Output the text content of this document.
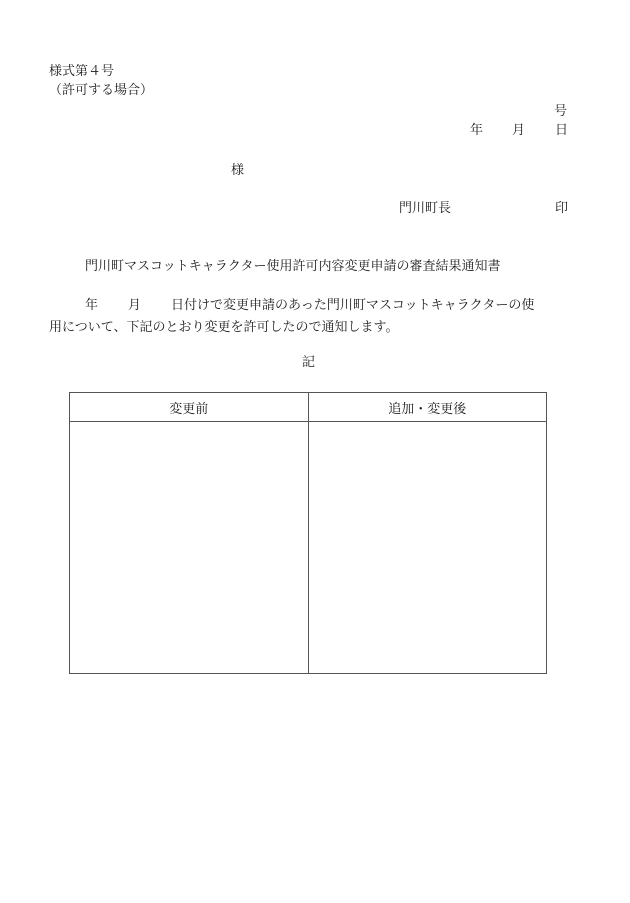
様式第４号
（許可する場合）
号
年 月 日
様
門川町長	印
門川町マスコットキャラクター使用許可内容変更申請の審査結果通知書
年 月 日付けで変更申請のあった門川町マスコットキャラクターの使
用について、下記のとおり変更を許可したので通知します。
記
変更前	追加・変更後
